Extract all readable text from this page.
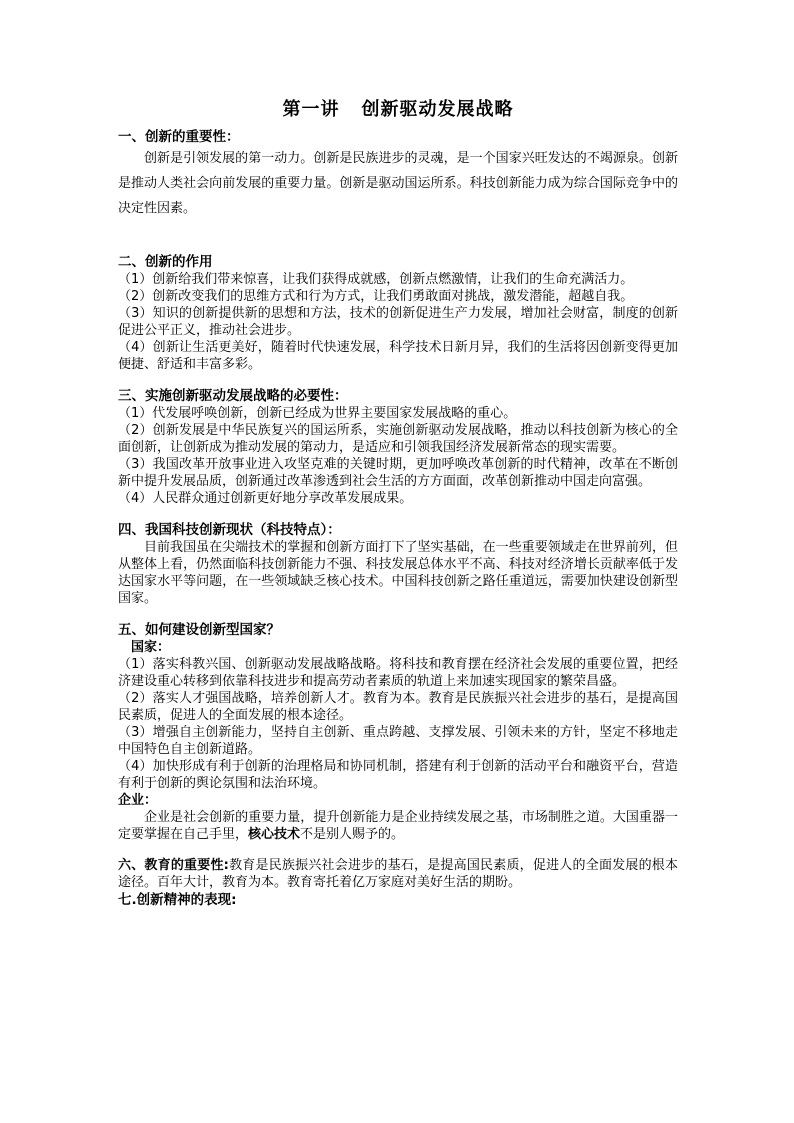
第一讲 创新驱动发展战略

一、创新的重要性：

创新是引领发展的第一动力。创新是民族进步的灵魂，是一个国家兴旺发达的不竭源泉。创新是推动人类社会向前发展的重要力量。创新是驱动国运所系。科技创新能力成为综合国际竞争中的决定性因素。

二、创新的作用

（1）创新给我们带来惊喜，让我们获得成就感，创新点燃激情，让我们的生命充满活力。

（2）创新改变我们的思维方式和行为方式，让我们勇敢面对挑战，激发潜能，超越自我。

（3）知识的创新提供新的思想和方法，技术的创新促进生产力发展，增加社会财富，制度的创新促进公平正义，推动社会进步。

（4）创新让生活更美好，随着时代快速发展，科学技术日新月异，我们的生活将因创新变得更加便捷、舒适和丰富多彩。

三、实施创新驱动发展战略的必要性：

（1）代发展呼唤创新，创新已经成为世界主要国家发展战略的重心。

（2）创新发展是中华民族复兴的国运所系，实施创新驱动发展战略，推动以科技创新为核心的全面创新，让创新成为推动发展的第动力，是适应和引领我国经济发展新常态的现实需要。

（3）我国改革开放事业进入攻坚克难的关键时期，更加呼唤改革创新的时代精神，改革在不断创新中提升发展品质，创新通过改革渗透到社会生活的方方面面，改革创新推动中国走向富强。

（4）人民群众通过创新更好地分享改革发展成果。

四、我国科技创新现状（科技特点）：

目前我国虽在尖端技术的掌握和创新方面打下了坚实基础，在一些重要领域走在世界前列，但从整体上看，仍然面临科技创新能力不强、科技发展总体水平不高、科技对经济增长贡献率低于发达国家水平等问题，在一些领域缺乏核心技术。中国科技创新之路任重道远，需要加快建设创新型国家。

五、如何建设创新型国家？

国家：

（1）落实科教兴国、创新驱动发展战略战略。将科技和教育摆在经济社会发展的重要位置，把经济建设重心转移到依靠科技进步和提高劳动者素质的轨道上来加速实现国家的繁荣昌盛。

（2）落实人才强国战略，培养创新人才。教育为本。教育是民族振兴社会进步的基石，是提高国民素质，促进人的全面发展的根本途径。

（3）增强自主创新能力，坚持自主创新、重点跨越、支撑发展、引领未来的方针，坚定不移地走中国特色自主创新道路。

（4）加快形成有利于创新的治理格局和协同机制，搭建有利于创新的活动平台和融资平台，营造有利于创新的舆论氛围和法治环境。

企业：

企业是社会创新的重要力量，提升创新能力是企业持续发展之基，市场制胜之道。大国重器一定要掌握在自己手里，核心技术不是别人赐予的。

六、教育的重要性:教育是民族振兴社会进步的基石，是提高国民素质，促进人的全面发展的根本途径。百年大计，教育为本。教育寄托着亿万家庭对美好生活的期盼。

七.创新精神的表现:
